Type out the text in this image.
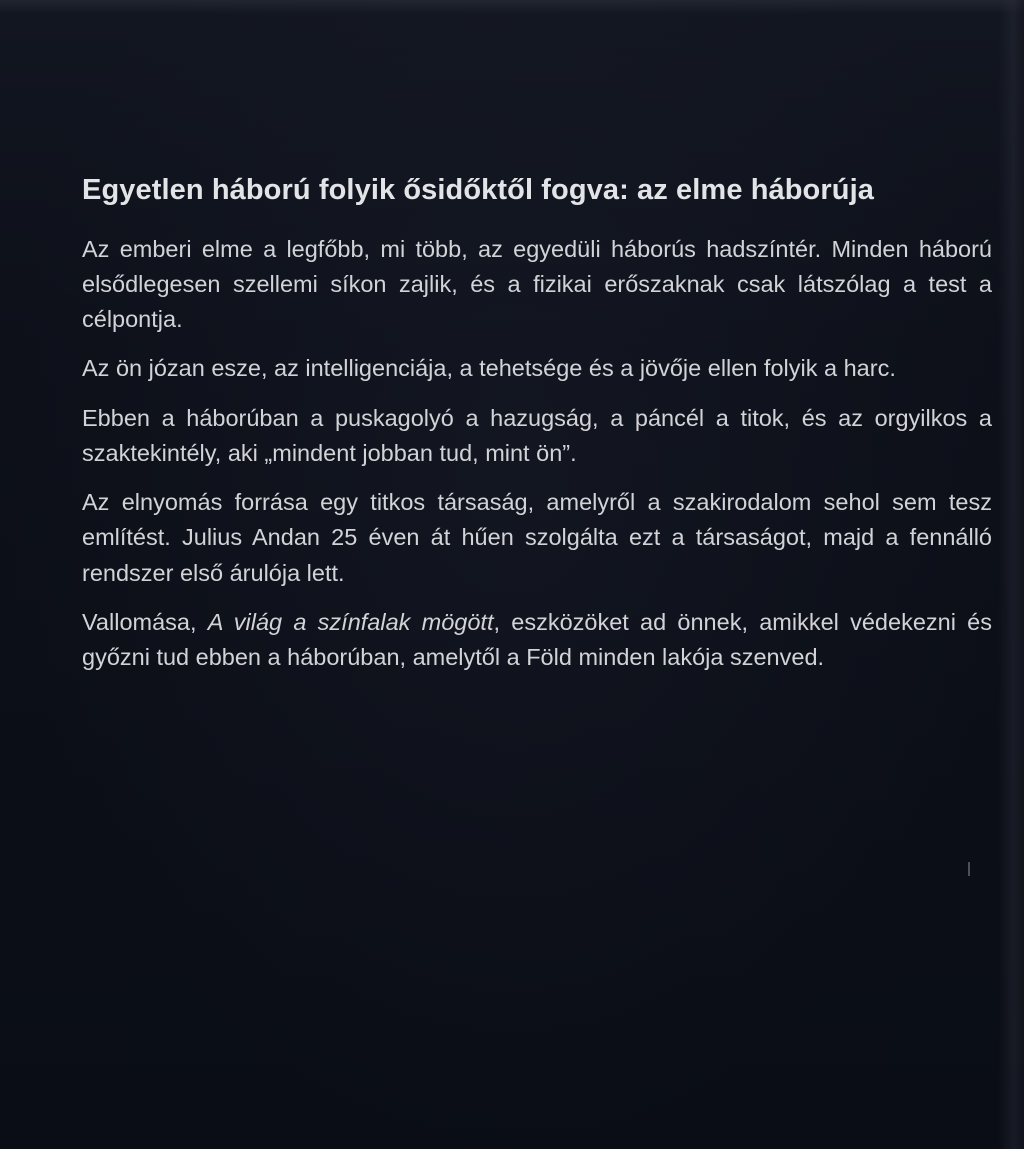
Egyetlen háború folyik ősidőktől fogva: az elme háborúja

Az emberi elme a legfőbb, mi több, az egyedüli háborús hadszíntér. Minden háború elsődlegesen szellemi síkon zajlik, és a fizikai erőszaknak csak látszólag a test a célpontja.

Az ön józan esze, az intelligenciája, a tehetsége és a jövője ellen folyik a harc.

Ebben a háborúban a puskagolyó a hazugság, a páncél a titok, és az orgyilkos a szaktekintély, aki „mindent jobban tud, mint ön”.

Az elnyomás forrása egy titkos társaság, amelyről a szakirodalom sehol sem tesz említést. Julius Andan 25 éven át hűen szolgálta ezt a társaságot, majd a fennálló rendszer első árulója lett.

Vallomása, A világ a színfalak mögött, eszközöket ad önnek, amikkel védekezni és győzni tud ebben a háborúban, amelytől a Föld minden lakója szenved.
